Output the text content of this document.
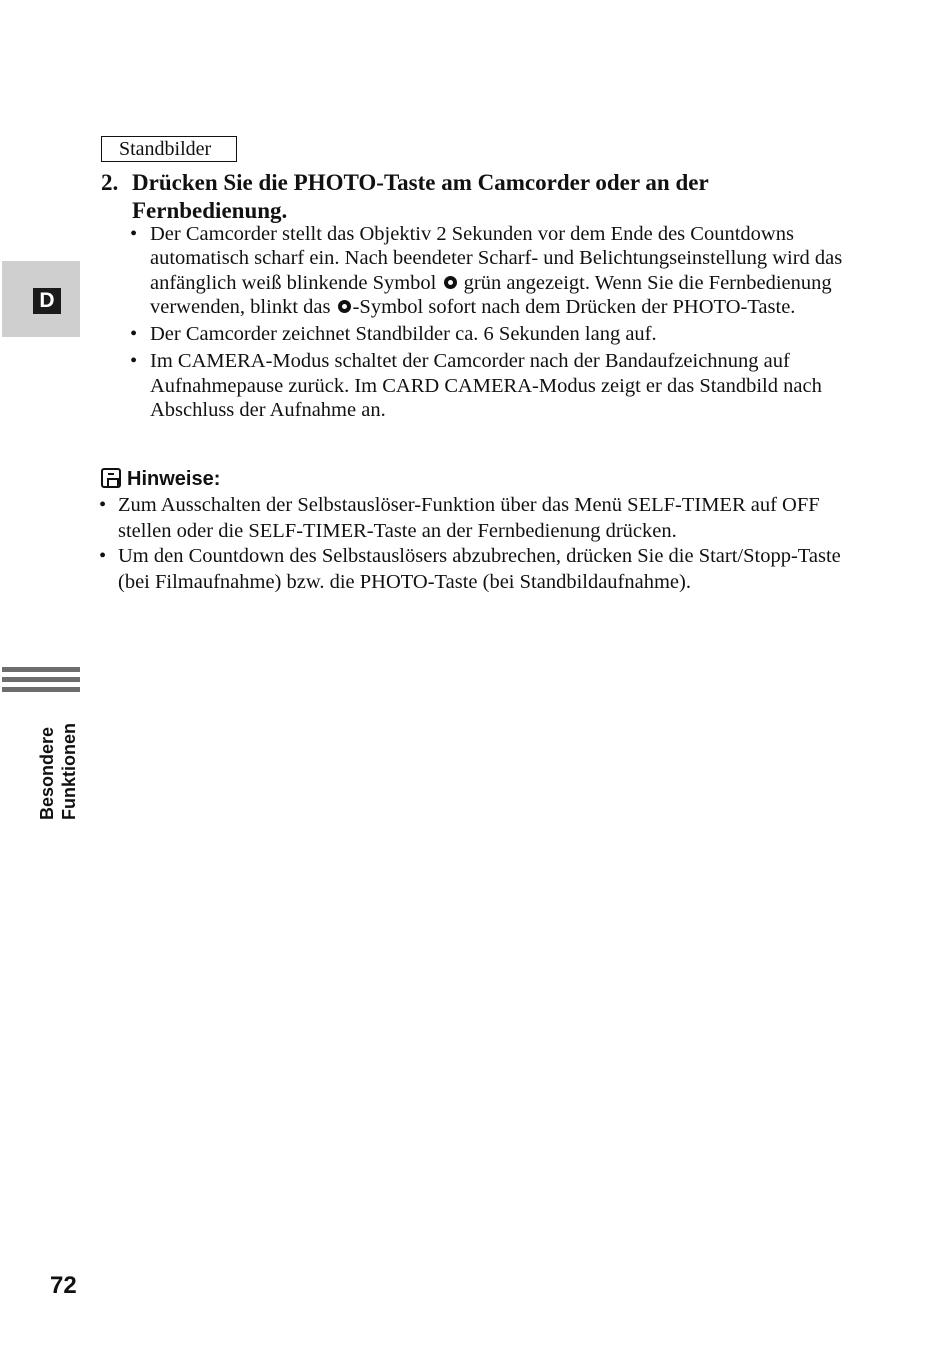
D
Besondere Funktionen
Standbilder
2. Drücken Sie die PHOTO-Taste am Camcorder oder an der Fernbedienung.
• Der Camcorder stellt das Objektiv 2 Sekunden vor dem Ende des Countdowns automatisch scharf ein. Nach beendeter Scharf- und Belichtungseinstellung wird das anfänglich weiß blinkende Symbol  grün angezeigt. Wenn Sie die Fernbedienung verwenden, blinkt das -Symbol sofort nach dem Drücken der PHOTO-Taste.
• Der Camcorder zeichnet Standbilder ca. 6 Sekunden lang auf.
• Im CAMERA-Modus schaltet der Camcorder nach der Bandaufzeichnung auf Aufnahmepause zurück. Im CARD CAMERA-Modus zeigt er das Standbild nach Abschluss der Aufnahme an.
Hinweise:
• Zum Ausschalten der Selbstauslöser-Funktion über das Menü SELF-TIMER auf OFF stellen oder die SELF-TIMER-Taste an der Fernbedienung drücken.
• Um den Countdown des Selbstauslösers abzubrechen, drücken Sie die Start/Stopp-Taste (bei Filmaufnahme) bzw. die PHOTO-Taste (bei Standbildaufnahme).
72
